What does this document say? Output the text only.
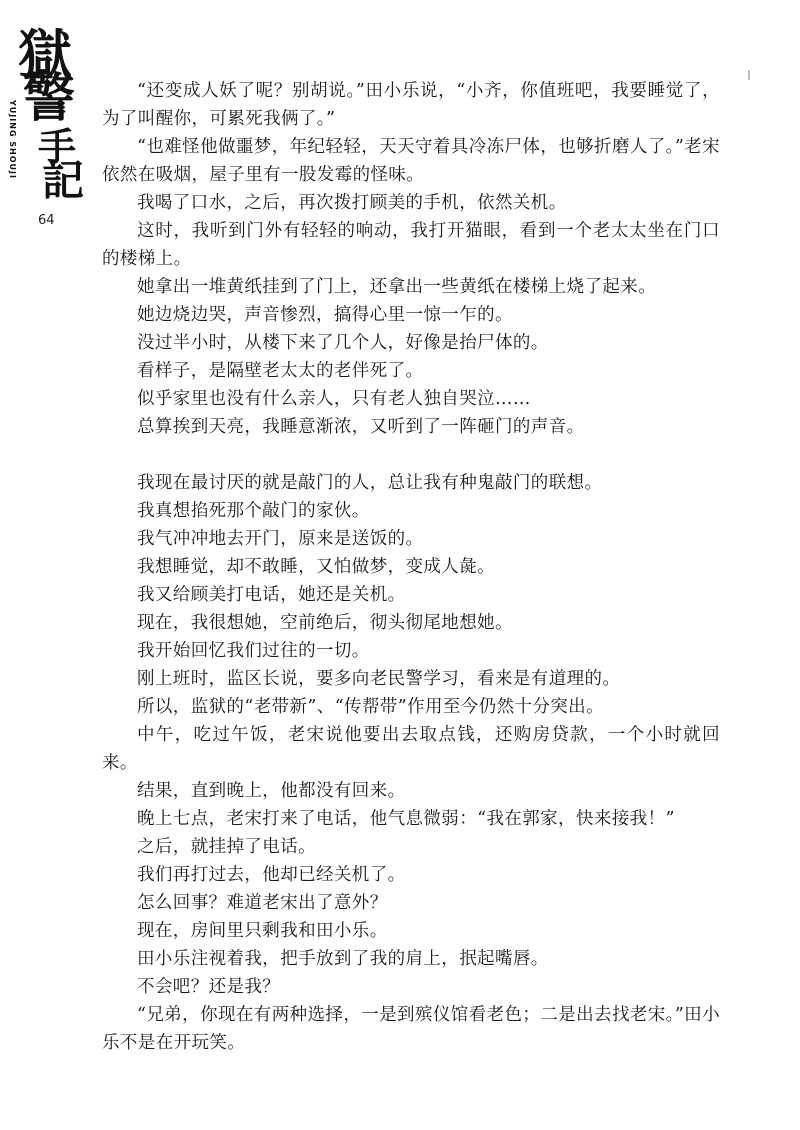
獄
警
手
記
YUJING SHOUJI
64

“还变成人妖了呢？别胡说。”田小乐说，“小齐，你值班吧，我要睡觉了，为了叫醒你，可累死我俩了。”

“也难怪他做噩梦，年纪轻轻，天天守着具冷冻尸体，也够折磨人了。”老宋依然在吸烟，屋子里有一股发霉的怪味。

我喝了口水，之后，再次拨打顾美的手机，依然关机。

这时，我听到门外有轻轻的响动，我打开猫眼，看到一个老太太坐在门口的楼梯上。

她拿出一堆黄纸挂到了门上，还拿出一些黄纸在楼梯上烧了起来。

她边烧边哭，声音惨烈，搞得心里一惊一乍的。

没过半小时，从楼下来了几个人，好像是抬尸体的。

看样子，是隔壁老太太的老伴死了。

似乎家里也没有什么亲人，只有老人独自哭泣……

总算挨到天亮，我睡意渐浓，又听到了一阵砸门的声音。

我现在最讨厌的就是敲门的人，总让我有种鬼敲门的联想。

我真想掐死那个敲门的家伙。

我气冲冲地去开门，原来是送饭的。

我想睡觉，却不敢睡，又怕做梦，变成人彘。

我又给顾美打电话，她还是关机。

现在，我很想她，空前绝后，彻头彻尾地想她。

我开始回忆我们过往的一切。

刚上班时，监区长说，要多向老民警学习，看来是有道理的。

所以，监狱的“老带新”、“传帮带”作用至今仍然十分突出。

中午，吃过午饭，老宋说他要出去取点钱，还购房贷款，一个小时就回来。

结果，直到晚上，他都没有回来。

晚上七点，老宋打来了电话，他气息微弱：“我在郭家，快来接我！”

之后，就挂掉了电话。

我们再打过去，他却已经关机了。

怎么回事？难道老宋出了意外？

现在，房间里只剩我和田小乐。

田小乐注视着我，把手放到了我的肩上，抿起嘴唇。

不会吧？还是我？

“兄弟，你现在有两种选择，一是到殡仪馆看老色；二是出去找老宋。”田小乐不是在开玩笑。
